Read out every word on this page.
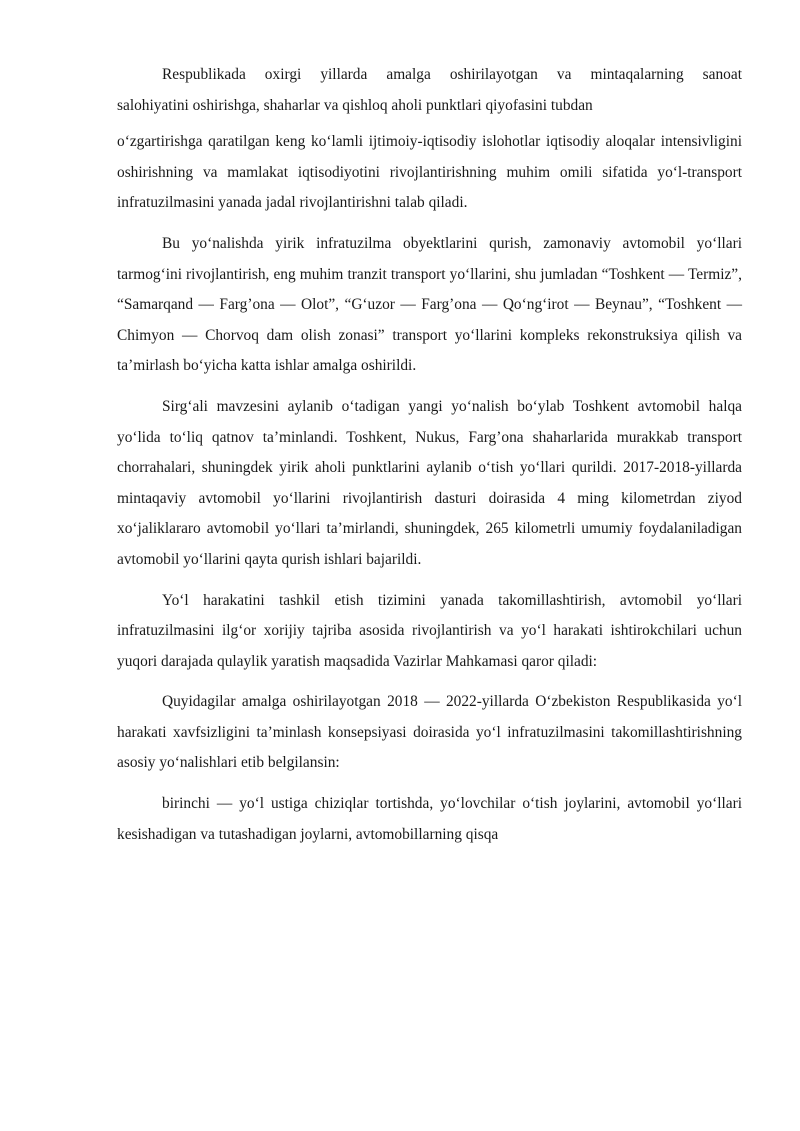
Respublikada oxirgi yillarda amalga oshirilayotgan va mintaqalarning sanoat

salohiyatini oshirishga, shaharlar va qishloq aholi punktlari qiyofasini tubdan

o‘zgartirishga qaratilgan keng ko‘lamli ijtimoiy-iqtisodiy islohotlar iqtisodiy aloqalar intensivligini oshirishning va mamlakat iqtisodiyotini rivojlantirishning muhim omili sifatida yo‘l-transport infratuzilmasini yanada jadal rivojlantirishni talab qiladi.

Bu yo‘nalishda yirik infratuzilma obyektlarini qurish, zamonaviy avtomobil yo‘llari tarmog‘ini rivojlantirish, eng muhim tranzit transport yo‘llarini, shu jumladan “Toshkent — Termiz”, “Samarqand — Farg’ona — Olot”, “G‘uzor — Farg’ona — Qo‘ng‘irot — Beynau”, “Toshkent — Chimyon — Chorvoq dam olish zonasi” transport yo‘llarini kompleks rekonstruksiya qilish va ta’mirlash bo‘yicha katta ishlar amalga oshirildi.

Sirg‘ali mavzesini aylanib o‘tadigan yangi yo‘nalish bo‘ylab Toshkent avtomobil halqa yo‘lida to‘liq qatnov ta’minlandi. Toshkent, Nukus, Farg’ona shaharlarida murakkab transport chorrahalari, shuningdek yirik aholi punktlarini aylanib o‘tish yo‘llari qurildi. 2017-2018-yillarda mintaqaviy avtomobil yo‘llarini rivojlantirish dasturi doirasida 4 ming kilometrdan ziyod xo‘jaliklararo avtomobil yo‘llari ta’mirlandi, shuningdek, 265 kilometrli umumiy foydalaniladigan avtomobil yo‘llarini qayta qurish ishlari bajarildi.

Yo‘l harakatini tashkil etish tizimini yanada takomillashtirish, avtomobil yo‘llari infratuzilmasini ilg‘or xorijiy tajriba asosida rivojlantirish va yo‘l harakati ishtirokchilari uchun yuqori darajada qulaylik yaratish maqsadida Vazirlar Mahkamasi qaror qiladi:

Quyidagilar amalga oshirilayotgan 2018 — 2022-yillarda O‘zbekiston Respublikasida yo‘l harakati xavfsizligini ta’minlash konsepsiyasi doirasida yo‘l infratuzilmasini takomillashtirishning asosiy yo‘nalishlari etib belgilansin:

birinchi — yo‘l ustiga chiziqlar tortishda, yo‘lovchilar o‘tish joylarini, avtomobil yo‘llari kesishadigan va tutashadigan joylarni, avtomobillarning qisqa
